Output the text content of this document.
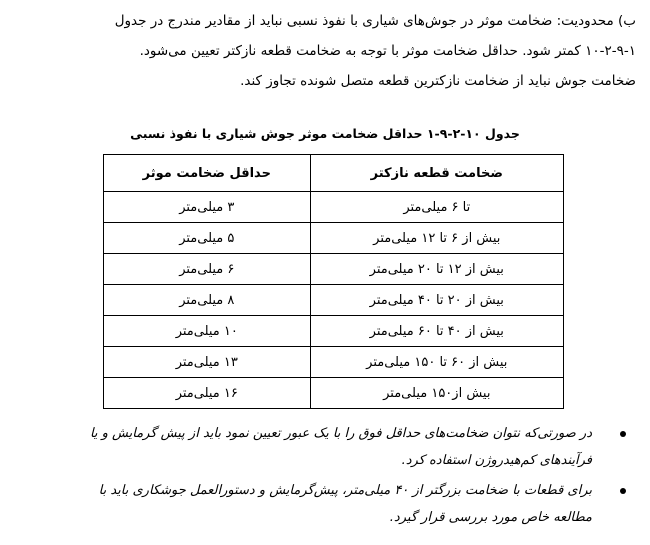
ب) محدودیت: ضخامت موثر در جوش‌های شیاری با نفوذ نسبی نباید از مقادیر مندرج در جدول
۱۰-۲-۹-۱ کمتر شود. حداقل ضخامت موثر با توجه به ضخامت قطعه نازکتر تعیین می‌شود.
ضخامت جوش نباید از ضخامت نازکترین قطعه متصل شونده تجاوز کند.
جدول ۱۰-۲-۹-۱ حداقل ضخامت موثر جوش شیاری با نفوذ نسبی
ضخامت قطعه نازکتر	حداقل ضخامت موثر
تا ۶ میلی‌متر	۳ میلی‌متر
بیش از ۶ تا ۱۲ میلی‌متر	۵ میلی‌متر
بیش از ۱۲ تا ۲۰ میلی‌متر	۶ میلی‌متر
بیش از ۲۰ تا ۴۰ میلی‌متر	۸ میلی‌متر
بیش از ۴۰ تا ۶۰ میلی‌متر	۱۰ میلی‌متر
بیش از ۶۰ تا ۱۵۰ میلی‌متر	۱۳ میلی‌متر
بیش از۱۵۰ میلی‌متر	۱۶ میلی‌متر
در صورتی‌که نتوان ضخامت‌های حداقل فوق را با یک عبور تعیین نمود باید از پیش گرمایش و یا
فرآیندهای کم‌هیدروژن استفاده کرد.
برای قطعات با ضخامت بزرگتر از ۴۰ میلی‌متر، پیش‌گرمایش و دستورالعمل جوشکاری باید با
مطالعه خاص مورد بررسی قرار گیرد.
